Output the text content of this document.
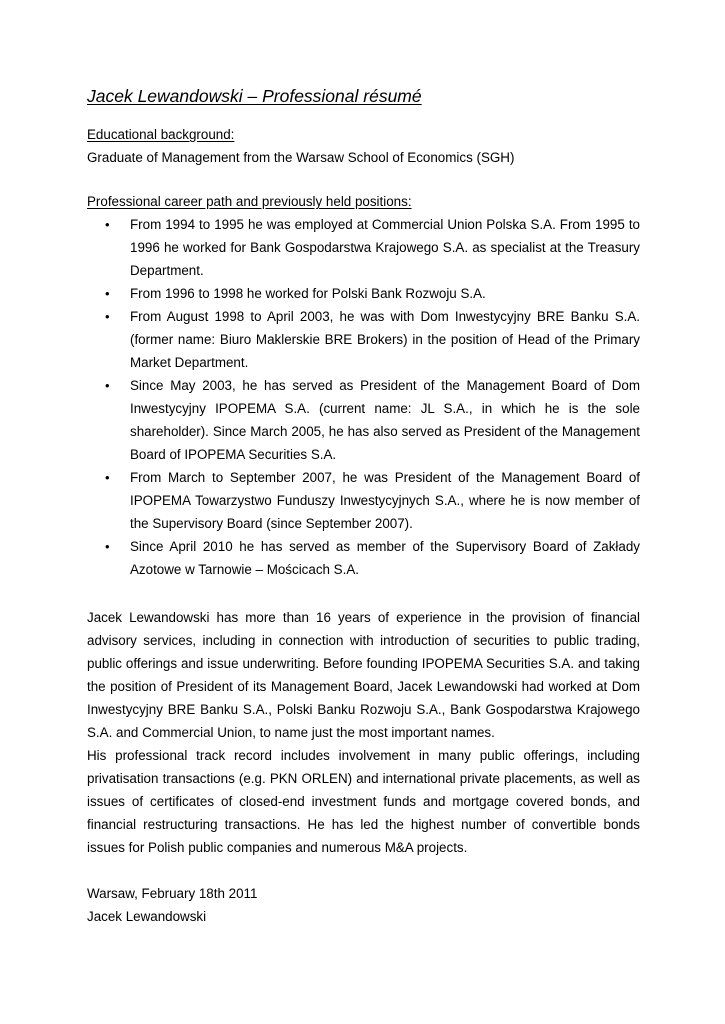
Jacek Lewandowski – Professional résumé
Educational background:
Graduate of Management from the Warsaw School of Economics (SGH)
Professional career path and previously held positions:
• From 1994 to 1995 he was employed at Commercial Union Polska S.A. From 1995 to 1996 he worked for Bank Gospodarstwa Krajowego S.A. as specialist at the Treasury Department.
• From 1996 to 1998 he worked for Polski Bank Rozwoju S.A.
• From August 1998 to April 2003, he was with Dom Inwestycyjny BRE Banku S.A. (former name: Biuro Maklerskie BRE Brokers) in the position of Head of the Primary Market Department.
• Since May 2003, he has served as President of the Management Board of Dom Inwestycyjny IPOPEMA S.A. (current name: JL S.A., in which he is the sole shareholder). Since March 2005, he has also served as President of the Management Board of IPOPEMA Securities S.A.
• From March to September 2007, he was President of the Management Board of IPOPEMA Towarzystwo Funduszy Inwestycyjnych S.A., where he is now member of the Supervisory Board (since September 2007).
• Since April 2010 he has served as member of the Supervisory Board of Zakłady Azotowe w Tarnowie – Mościcach S.A.

Jacek Lewandowski has more than 16 years of experience in the provision of financial advisory services, including in connection with introduction of securities to public trading, public offerings and issue underwriting. Before founding IPOPEMA Securities S.A. and taking the position of President of its Management Board, Jacek Lewandowski had worked at Dom Inwestycyjny BRE Banku S.A., Polski Banku Rozwoju S.A., Bank Gospodarstwa Krajowego S.A. and Commercial Union, to name just the most important names.

His professional track record includes involvement in many public offerings, including privatisation transactions (e.g. PKN ORLEN) and international private placements, as well as issues of certificates of closed-end investment funds and mortgage covered bonds, and financial restructuring transactions. He has led the highest number of convertible bonds issues for Polish public companies and numerous M&A projects.

Warsaw, February 18th 2011
Jacek Lewandowski
